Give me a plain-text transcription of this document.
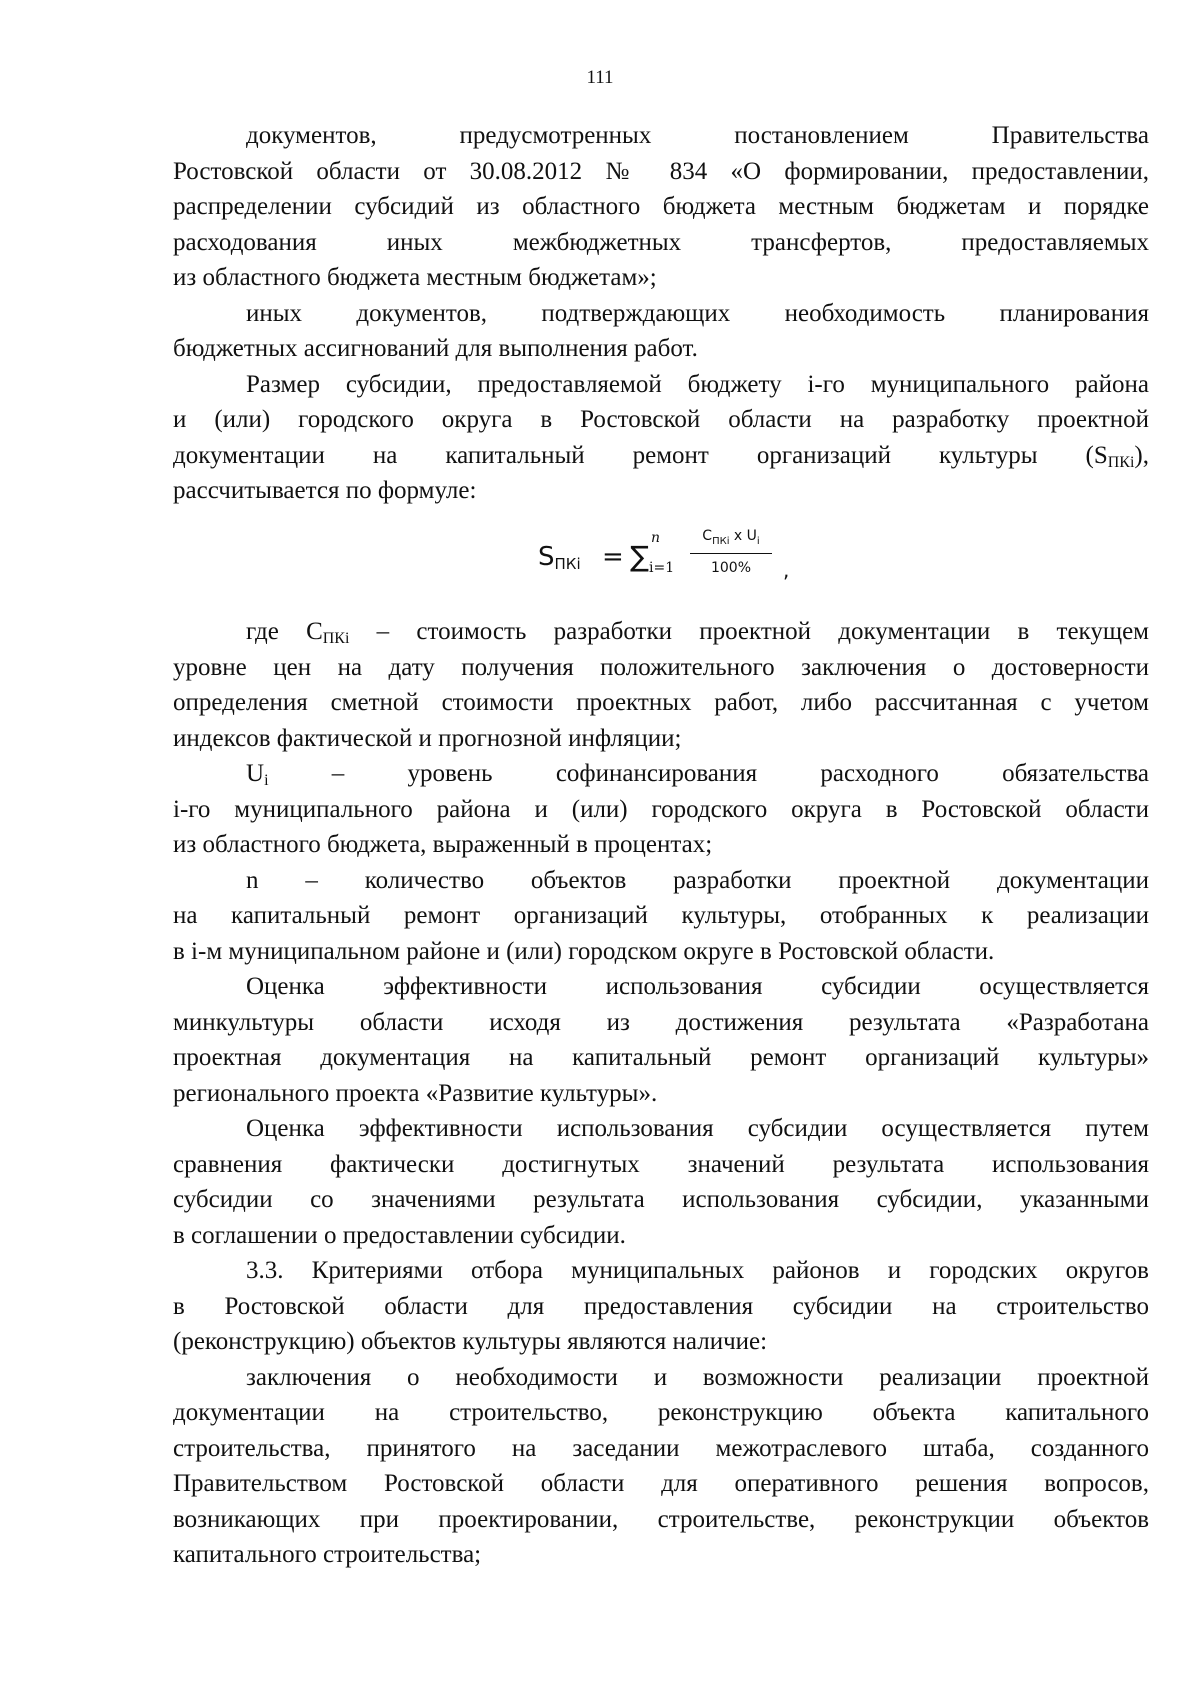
111
документов, предусмотренных постановлением Правительства
Ростовской области от 30.08.2012 № 834 «О формировании, предоставлении,
распределении субсидий из областного бюджета местным бюджетам и порядке
расходования иных межбюджетных трансфертов, предоставляемых
из областного бюджета местным бюджетам»;
иных документов, подтверждающих необходимость планирования
бюджетных ассигнований для выполнения работ.
Размер субсидии, предоставляемой бюджету i-го муниципального района
и (или) городского округа в Ростовской области на разработку проектной
документации на капитальный ремонт организаций культуры $(S_{ПКi})$,
рассчитывается по формуле:
$S_{ПКi}$ = ∑
n
i=1
$C_{ПКi}$ x $U_i$
100%	,
где $С_{ПКi}$ – стоимость разработки проектной документации в текущем
уровне цен на дату получения положительного заключения о достоверности
определения сметной стоимости проектных работ, либо рассчитанная с учетом
индексов фактической и прогнозной инфляции;
$U_i$ – уровень софинансирования расходного обязательства
i-го муниципального района и (или) городского округа в Ростовской области
из областного бюджета, выраженный в процентах;
n – количество объектов разработки проектной документации
на капитальный ремонт организаций культуры, отобранных к реализации
в i-м муниципальном районе и (или) городском округе в Ростовской области.
Оценка эффективности использования субсидии осуществляется
минкультуры области исходя из достижения результата «Разработана
проектная документация на капитальный ремонт организаций культуры»
регионального проекта «Развитие культуры».
Оценка эффективности использования субсидии осуществляется путем
сравнения фактически достигнутых значений результата использования
субсидии со значениями результата использования субсидии, указанными
в соглашении о предоставлении субсидии.
3.3. Критериями отбора муниципальных районов и городских округов
в Ростовской области для предоставления субсидии на строительство
(реконструкцию) объектов культуры являются наличие:
заключения о необходимости и возможности реализации проектной
документации на строительство, реконструкцию объекта капитального
строительства, принятого на заседании межотраслевого штаба, созданного
Правительством Ростовской области для оперативного решения вопросов,
возникающих при проектировании, строительстве, реконструкции объектов
капитального строительства;
